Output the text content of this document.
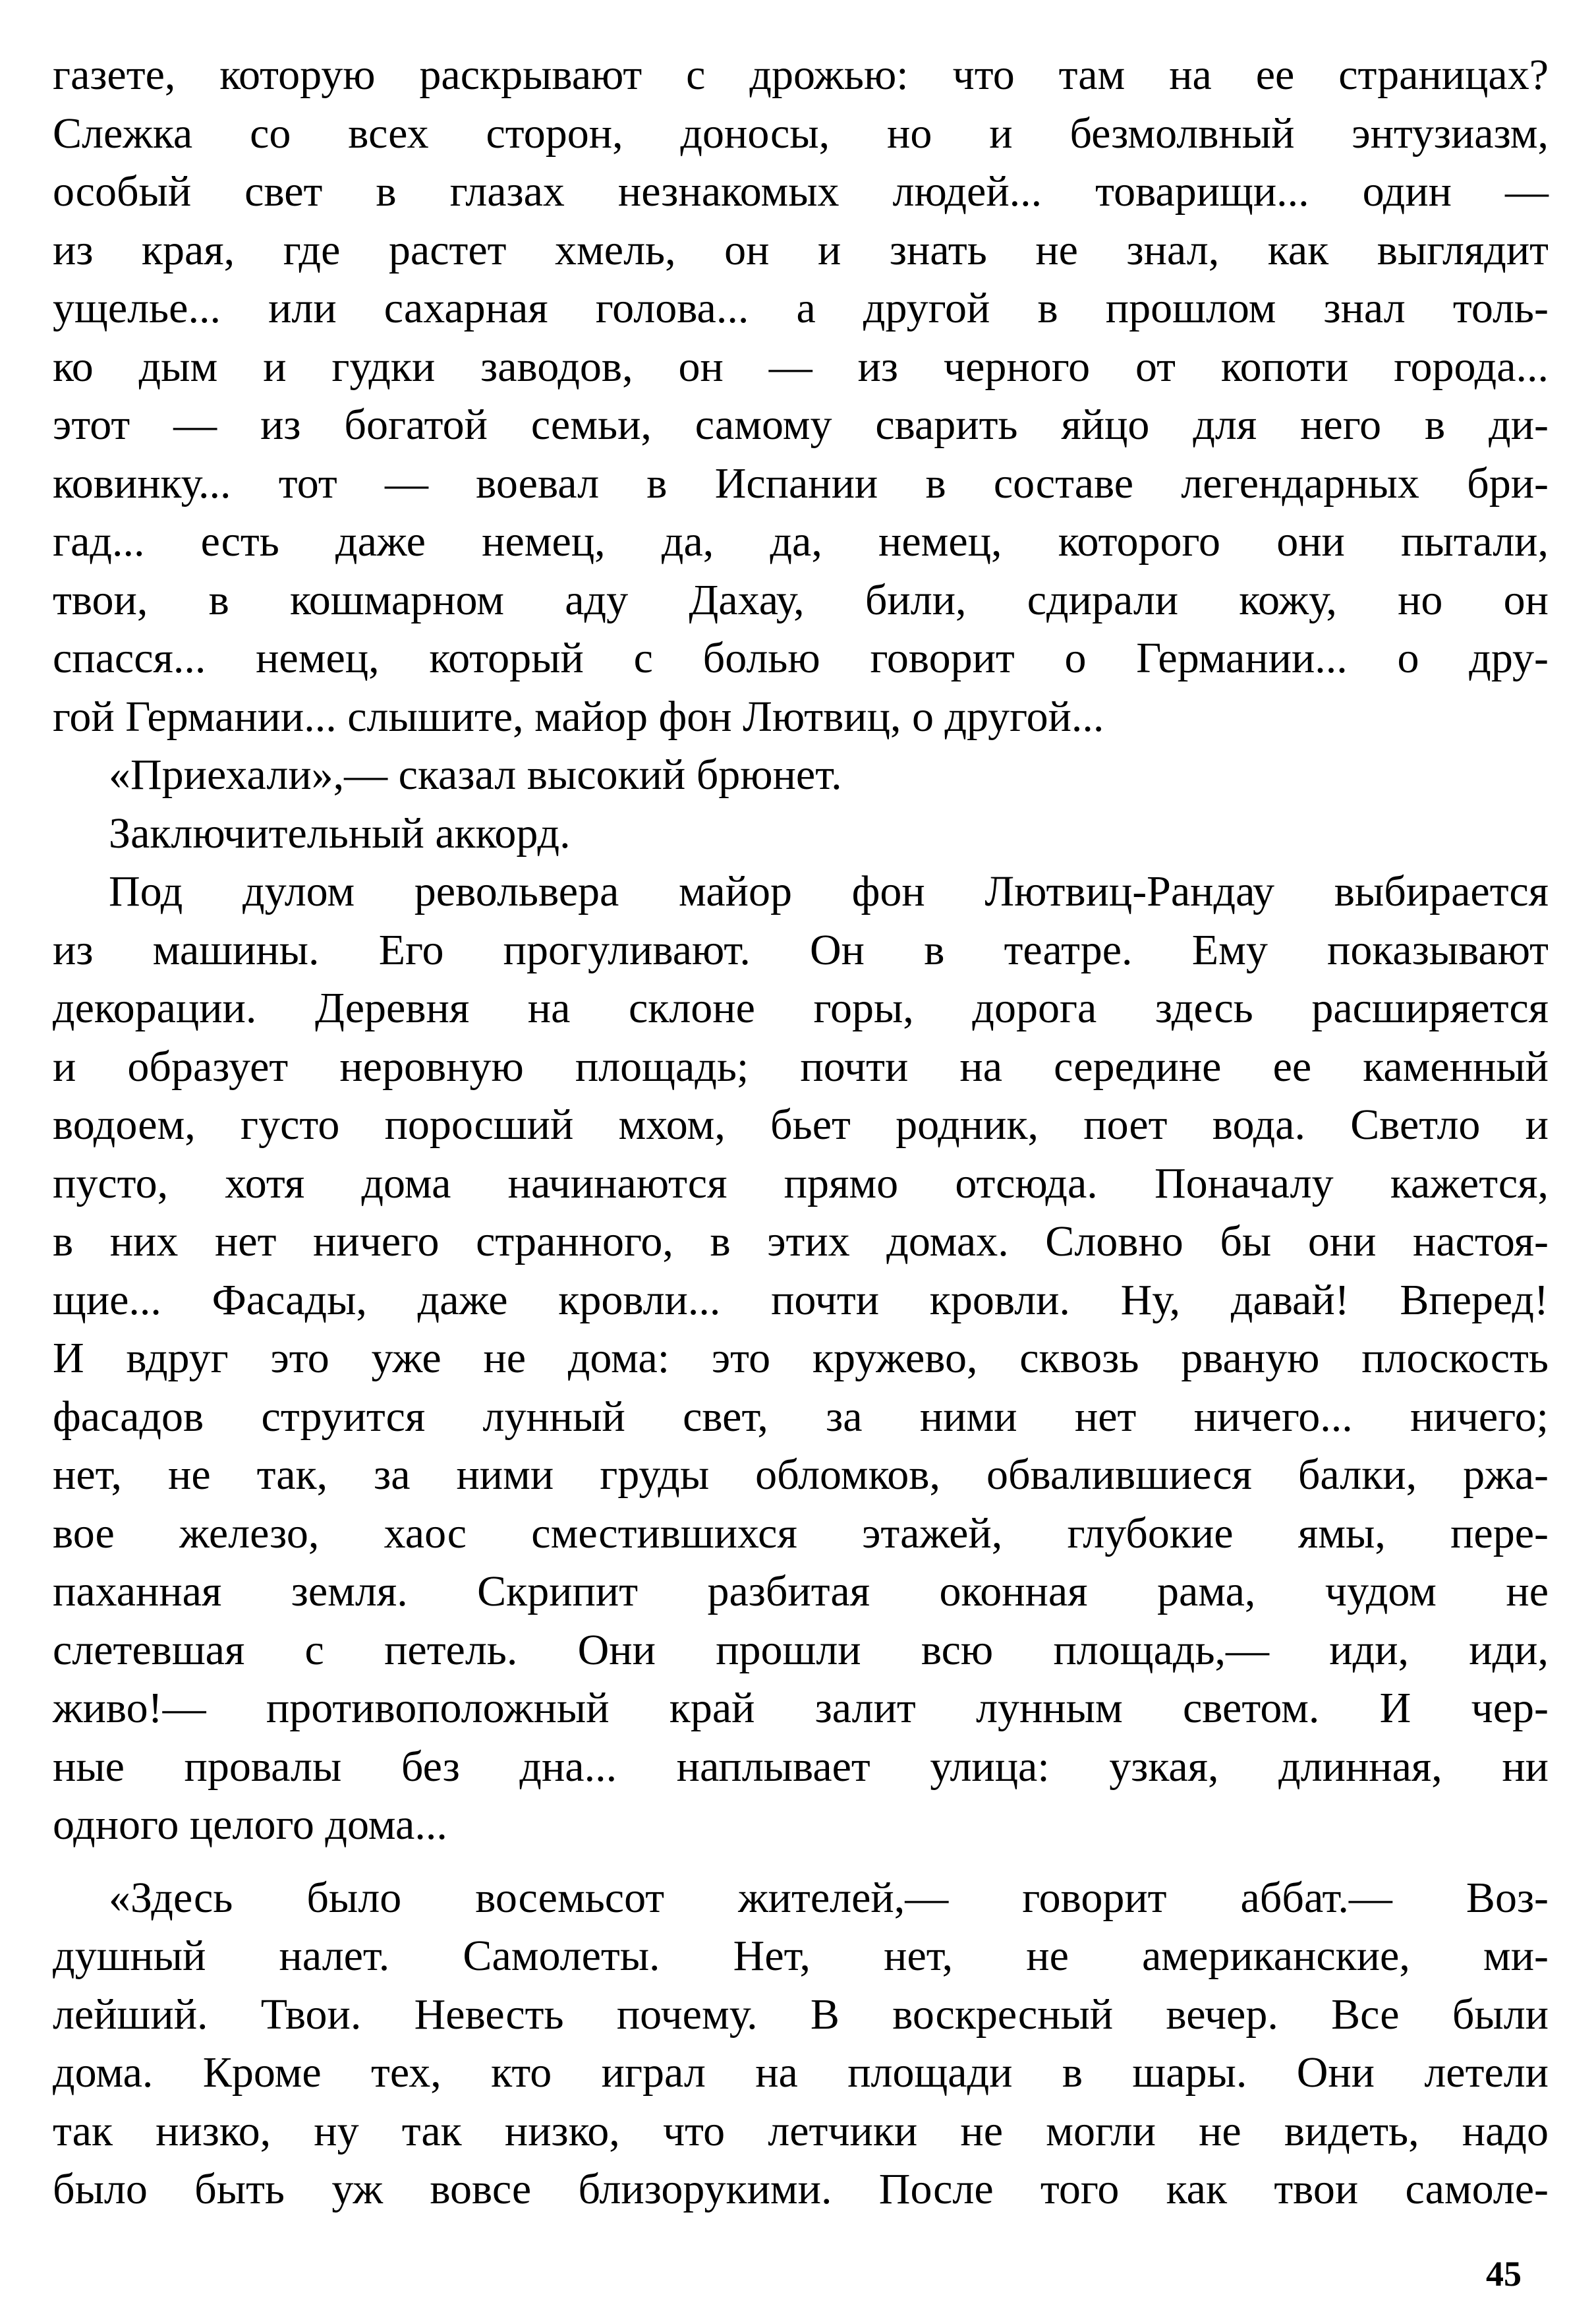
газете, которую раскрывают с дрожью: что там на ее страницах?
Слежка со всех сторон, доносы, но и безмолвный энтузиазм,
особый свет в глазах незнакомых людей... товарищи... один —
из края, где растет хмель, он и знать не знал, как выглядит
ущелье... или сахарная голова... а другой в прошлом знал толь-
ко дым и гудки заводов, он — из черного от копоти города...
этот — из богатой семьи, самому сварить яйцо для него в ди-
ковинку... тот — воевал в Испании в составе легендарных бри-
гад... есть даже немец, да, да, немец, которого они пытали,
твои, в кошмарном аду Дахау, били, сдирали кожу, но он
спасся... немец, который с болью говорит о Германии... о дру-
гой Германии... слышите, майор фон Лютвиц, о другой...
«Приехали»,— сказал высокий брюнет.
Заключительный аккорд.
Под дулом револьвера майор фон Лютвиц-Рандау выбирается
из машины. Его прогуливают. Он в театре. Ему показывают
декорации. Деревня на склоне горы, дорога здесь расширяется
и образует неровную площадь; почти на середине ее каменный
водоем, густо поросший мхом, бьет родник, поет вода. Светло и
пусто, хотя дома начинаются прямо отсюда. Поначалу кажется,
в них нет ничего странного, в этих домах. Словно бы они настоя-
щие... Фасады, даже кровли... почти кровли. Ну, давай! Вперед!
И вдруг это уже не дома: это кружево, сквозь рваную плоскость
фасадов струится лунный свет, за ними нет ничего... ничего;
нет, не так, за ними груды обломков, обвалившиеся балки, ржа-
вое железо, хаос сместившихся этажей, глубокие ямы, пере-
паханная земля. Скрипит разбитая оконная рама, чудом не
слетевшая с петель. Они прошли всю площадь,— иди, иди,
живо!— противоположный край залит лунным светом. И чер-
ные провалы без дна... наплывает улица: узкая, длинная, ни
одного целого дома...
«Здесь было восемьсот жителей,— говорит аббат.— Воз-
душный налет. Самолеты. Нет, нет, не американские, ми-
лейший. Твои. Невесть почему. В воскресный вечер. Все были
дома. Кроме тех, кто играл на площади в шары. Они летели
так низко, ну так низко, что летчики не могли не видеть, надо
было быть уж вовсе близорукими. После того как твои самоле-
45
